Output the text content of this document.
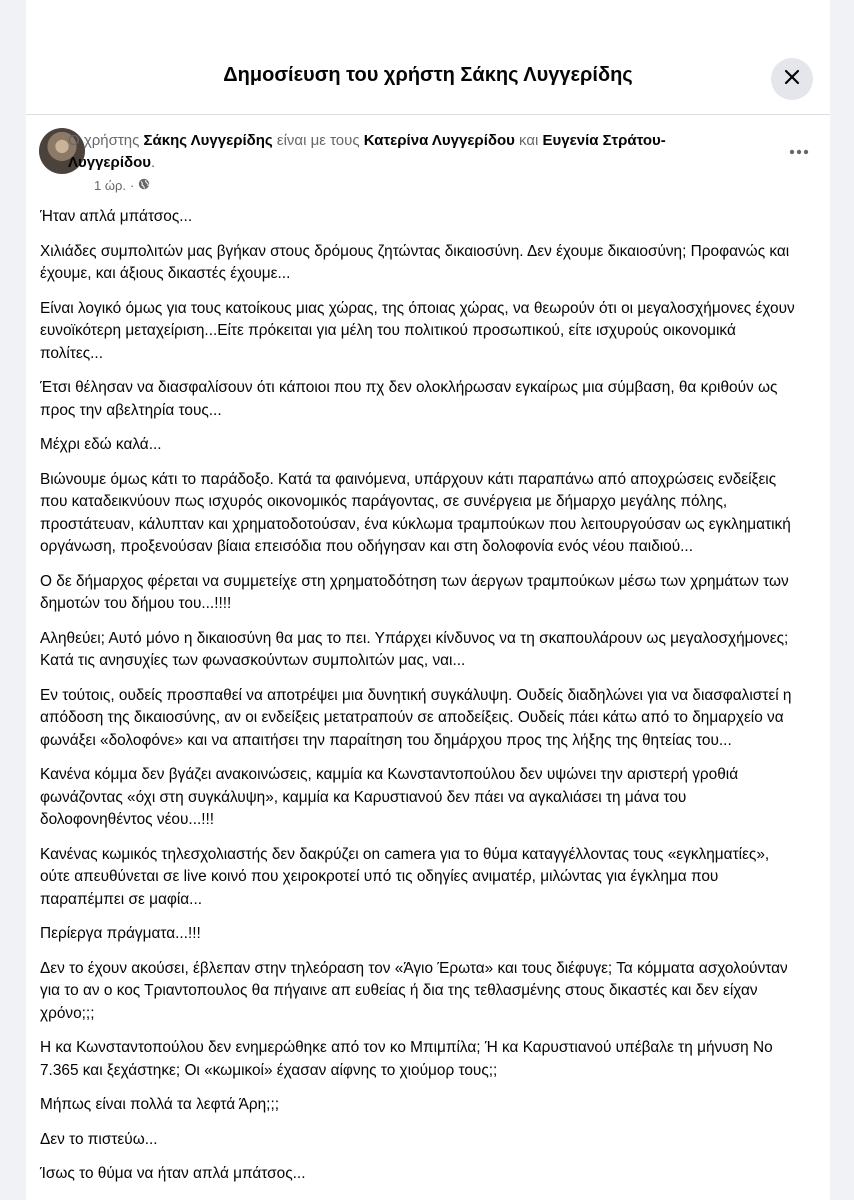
Δημοσίευση του χρήστη Σάκης Λυγγερίδης
Ο χρήστης Σάκης Λυγγερίδης είναι με τους Κατερίνα Λυγγερίδου και Ευγενία Στράτου-Λυγγερίδου.
1 ώρ. ·

Ήταν απλά μπάτσος...

Χιλιάδες συμπολιτών μας βγήκαν στους δρόμους ζητώντας δικαιοσύνη. Δεν έχουμε δικαιοσύνη; Προφανώς και έχουμε, και άξιους δικαστές έχουμε...

Είναι λογικό όμως για τους κατοίκους μιας χώρας, της όποιας χώρας, να θεωρούν ότι οι μεγαλοσχήμονες έχουν ευνοϊκότερη μεταχείριση...Είτε πρόκειται για μέλη του πολιτικού προσωπικού, είτε ισχυρούς οικονομικά πολίτες...

Έτσι θέλησαν να διασφαλίσουν ότι κάποιοι που πχ δεν ολοκλήρωσαν εγκαίρως μια σύμβαση, θα κριθούν ως προς την αβελτηρία τους...

Μέχρι εδώ καλά...

Βιώνουμε όμως κάτι το παράδοξο. Κατά τα φαινόμενα, υπάρχουν κάτι παραπάνω από αποχρώσεις ενδείξεις που καταδεικνύουν πως ισχυρός οικονομικός παράγοντας, σε συνέργεια με δήμαρχο μεγάλης πόλης, προστάτευαν, κάλυπταν και χρηματοδοτούσαν, ένα κύκλωμα τραμπούκων που λειτουργούσαν ως εγκληματική οργάνωση, προξενούσαν βίαια επεισόδια που οδήγησαν και στη δολοφονία ενός νέου παιδιού...

Ο δε δήμαρχος φέρεται να συμμετείχε στη χρηματοδότηση των άεργων τραμπούκων μέσω των χρημάτων των δημοτών του δήμου του...!!!!

Αληθεύει; Αυτό μόνο η δικαιοσύνη θα μας το πει. Υπάρχει κίνδυνος να τη σκαπουλάρουν ως μεγαλοσχήμονες; Κατά τις ανησυχίες των φωνασκούντων συμπολιτών μας, ναι...

Εν τούτοις, ουδείς προσπαθεί να αποτρέψει μια δυνητική συγκάλυψη. Ουδείς διαδηλώνει για να διασφαλιστεί η απόδοση της δικαιοσύνης, αν οι ενδείξεις μετατραπούν σε αποδείξεις. Ουδείς πάει κάτω από το δημαρχείο να φωνάξει «δολοφόνε» και να απαιτήσει την παραίτηση του δημάρχου προς της λήξης της θητείας του...

Κανένα κόμμα δεν βγάζει ανακοινώσεις, καμμία κα Κωνσταντοπούλου δεν υψώνει την αριστερή γροθιά φωνάζοντας «όχι στη συγκάλυψη», καμμία κα Καρυστιανού δεν πάει να αγκαλιάσει τη μάνα του δολοφονηθέντος νέου...!!!

Κανένας κωμικός τηλεσχολιαστής δεν δακρύζει on camera για το θύμα καταγγέλλοντας τους «εγκληματίες», ούτε απευθύνεται σε live κοινό που χειροκροτεί υπό τις οδηγίες ανιματέρ, μιλώντας για έγκλημα που παραπέμπει σε μαφία...

Περίεργα πράγματα...!!!

Δεν το έχουν ακούσει, έβλεπαν στην τηλεόραση τον «Άγιο Έρωτα» και τους διέφυγε; Τα κόμματα ασχολούνταν για το αν ο κος Τριαντοπουλος θα πήγαινε απ ευθείας ή δια της τεθλασμένης στους δικαστές και δεν είχαν χρόνο;;;

Η κα Κωνσταντοπούλου δεν ενημερώθηκε από τον κο Μπιμπίλα; Ή κα Καρυστιανού υπέβαλε τη μήνυση Νο 7.365 και ξεχάστηκε; Οι «κωμικοί» έχασαν αίφνης το χιούμορ τους;;

Μήπως είναι πολλά τα λεφτά Άρη;;;

Δεν το πιστεύω...

Ίσως το θύμα να ήταν απλά μπάτσος...
